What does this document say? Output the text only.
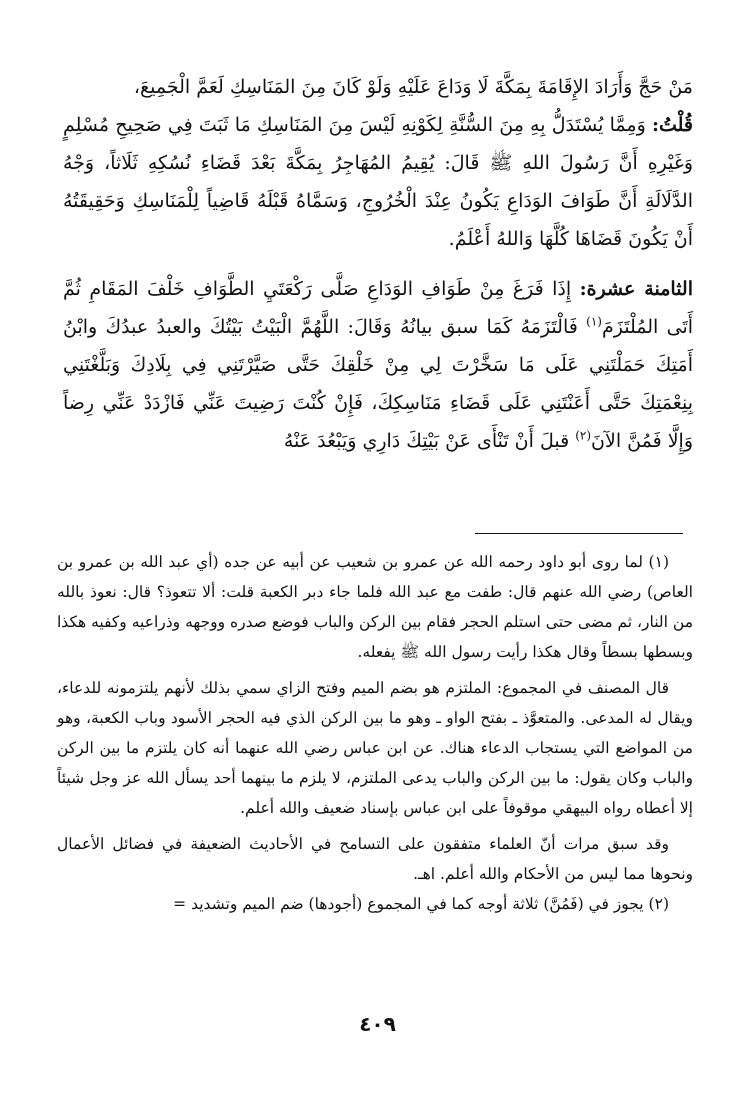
مَنْ حَجَّ وَأَرَادَ الإِقَامَةَ بِمَكَّةَ لَا وَدَاعَ عَلَيْهِ وَلَوْ كَانَ مِنَ المَنَاسِكِ لَعَمَّ الْجَمِيعَ،

قُلْتُ: وَمِمَّا يُسْتَدَلُّ بِهِ مِنَ السُّنَّةِ لِكَوْنِهِ لَيْسَ مِنَ المَنَاسِكِ مَا ثَبَتَ فِي صَحِيحِ مُسْلِمٍ وَغَيْرِهِ أَنَّ رَسُولَ اللهِ ﷺ قَالَ: يُقِيمُ المُهَاجِرُ بِمَكَّةَ بَعْدَ قَضَاءِ نُسُكِهِ ثَلَاثاً، وَجْهُ الدَّلَالَةِ أَنَّ طَوَافَ الوَدَاعِ يَكُونُ عِنْدَ الْخُرُوجِ، وَسَمَّاهُ قَبْلَهُ قَاضِياً لِلْمَنَاسِكِ وَحَقِيقَتُهُ أَنْ يَكُونَ قَضَاهَا كُلَّهَا وَاللهُ أَعْلَمُ.

الثامنة عشرة: إِذَا فَرَغَ مِنْ طَوَافِ الوَدَاعِ صَلَّى رَكْعَتَيِ الطَّوَافِ خَلْفَ المَقَامِ ثُمَّ أَتَى المُلْتَزَمَ$^{(١)}$ فَالْتَزَمَهُ كَمَا سبق بيانُهُ وَقَالَ: اللَّهُمَّ الْبَيْتُ بَيْتُكَ والعبدُ عبدُكَ وابْنُ أَمَتِكَ حَمَلْتَنِي عَلَى مَا سَخَّرْتَ لِي مِنْ خَلْقِكَ حَتَّى صَيَّرْتَنِي فِي بِلَادِكَ وَبَلَّغْتَنِي بِنِعْمَتِكَ حَتَّى أَعَنْتَنِي عَلَى قَضَاءِ مَنَاسِكِكَ، فَإِنْ كُنْتَ رَضِيتَ عَنِّي فَازْدَدْ عَنِّي رِضاً وَإِلَّا فَمُنَّ الآنَ$^{(٢)}$ قبلَ أَنْ تَنْأَى عَنْ بَيْتِكَ دَارِي وَيَبْعُدَ عَنْهُ

(١) لما روى أبو داود رحمه الله عن عمرو بن شعيب عن أبيه عن جده (أي عبد الله بن عمرو بن العاص) رضي الله عنهم قال: طفت مع عبد الله فلما جاء دبر الكعبة قلت: ألا تتعوذ؟ قال: نعوذ بالله من النار، ثم مضى حتى استلم الحجر فقام بين الركن والباب فوضع صدره ووجهه وذراعيه وكفيه هكذا وبسطها بسطاً وقال هكذا رأيت رسول الله ﷺ يفعله.

قال المصنف في المجموع: الملتزم هو بضم الميم وفتح الزاي سمي بذلك لأنهم يلتزمونه للدعاء، ويقال له المدعى. والمتعوَّذ ـ بفتح الواو ـ وهو ما بين الركن الذي فيه الحجر الأسود وباب الكعبة، وهو من المواضع التي يستجاب الدعاء هناك. عن ابن عباس رضي الله عنهما أنه كان يلتزم ما بين الركن والباب وكان يقول: ما بين الركن والباب يدعى الملتزم، لا يلزم ما بينهما أحد يسأل الله عز وجل شيئاً إلا أعطاه رواه البيهقي موقوفاً على ابن عباس بإسناد ضعيف والله أعلم.

وقد سبق مرات أنّ العلماء متفقون على التسامح في الأحاديث الضعيفة في فضائل الأعمال ونحوها مما ليس من الأحكام والله أعلم. اهـ.

(٢) يجوز في (فَمُنَّ) ثلاثة أوجه كما في المجموع (أجودها) ضم الميم وتشديد =

٤٠٩
